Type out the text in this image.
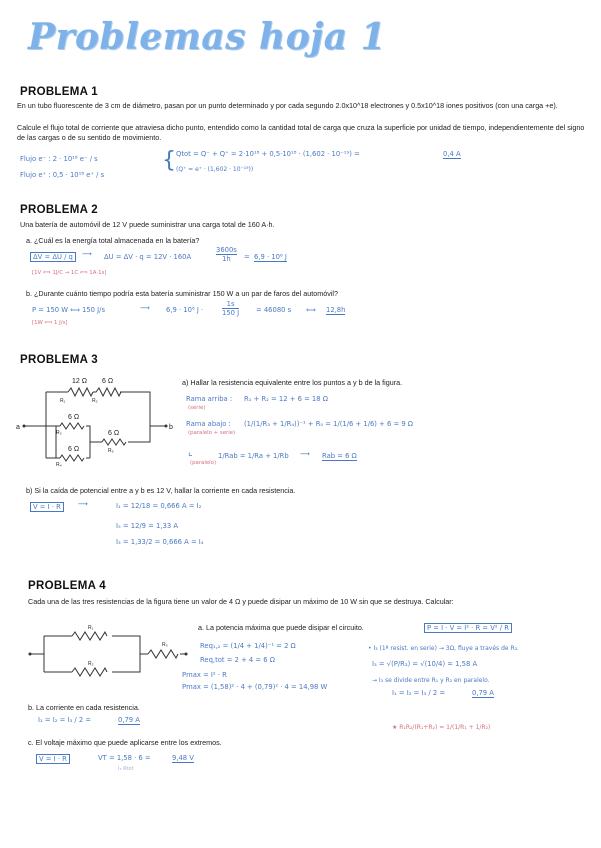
Problemas hoja 1
PROBLEMA 1
En un tubo fluorescente de 3 cm de diámetro, pasan por un punto determinado y por cada segundo 2.0x10^18 electrones y 0.5x10^18 iones positivos (con una carga +e).
Calcule el flujo total de corriente que atraviesa dicho punto, entendido como la cantidad total de carga que cruza la superficie por unidad de tiempo, independientemente del signo de las cargas o de su sentido de movimiento.
Flujo e⁻ : 2 · 10¹⁸ e⁻ / s
Flujo e⁺ : 0,5 · 10¹⁸ e⁺ / s
{ Qtot = Q⁻ + Q⁺ = 2·10¹⁸ + 0,5·10¹⁸ · (1,602 · 10⁻¹⁹) =	0,4 A
(Q⁺ = e⁺ · (1,602 · 10⁻¹⁹))
PROBLEMA 2
Una batería de automóvil de 12 V puede suministrar una carga total de 160 A·h.
a. ¿Cuál es la energía total almacenada en la batería?
ΔV = ΔU / q	⟶ ΔU = ΔV · q = 12V · 160A	$\frac{3600s}{1h} = 6,9 \cdot 10^6$ J
[1V ⟺ 1J/C → 1C ⟺ 1A·1s]
b. ¿Durante cuánto tiempo podría esta batería suministrar 150 W a un par de faros del automóvil?
P = 150 W ⟺ 150 J/s	⟶ 6,9 · 10⁶ J ·	$\frac{1s}{150 J} = 46080$ s ⟺ 12,8h
[1W ⟺ 1 J/s]
PROBLEMA 3
12 Ω 6 Ω
R₁	R₂
6 Ω
R₃
6 Ω
R₄
6 Ω
R₅
a	b
a) Hallar la resistencia equivalente entre los puntos a y b de la figura.
Rama arriba :
(serie)
R₁ + R₂ = 12 + 6 = 18 Ω
Rama abajo :
(paralelo + serie)
(1/(1/R₃ + 1/R₄))⁻¹ + R₅ = 1/(1/6 + 1/6) + 6 = 9 Ω
⌞
(paralelo)
1/Rab = 1/Ra + 1/Rb ⟶ Rab = 6 Ω
b) Si la caída de potencial entre a y b es 12 V, hallar la corriente en cada resistencia.
V = I · R	⟶	I₁ = 12/18 = 0,666 A = I₂
I₅ = 12/9 = 1,33 A
I₃ = 1,33/2 = 0,666 A = I₄
PROBLEMA 4
Cada una de las tres resistencias de la figura tiene un valor de 4 Ω y puede disipar un máximo de 10 W sin que se destruya. Calcular:
R₁
R₂
R₃
a. La potencia máxima que puede disipar el circuito.	P = I · V = I² · R = V² / R
Req₁,₂ = (1/4 + 1/4)⁻¹ = 2 Ω
Req,tot = 2 + 4 = 6 Ω
Pmax = I² · R
Pmax = (1,58)² · 4 + (0,79)² · 4 = 14,98 W
• I₃ (1ª resist. en serie) → 3Ω, fluye a través de R₃.
I₃ = √(P/R₃) = √(10/4) = 1,58 A
→ I₃ se divide entre R₁ y R₂ en paralelo.
I₁ = I₂ = I₃ / 2 =	0,79 A
b. La corriente en cada resistencia.
I₁ = I₂ = I₃ / 2 =	0,79 A
★ R₁R₂/(R₁+R₂) = 1/(1/R₁ + 1/R₂)
c. El voltaje máximo que puede aplicarse entre los extremos.
V = I · R	VT = 1,58 · 6 =	9,48 V
I₃ Rtot
